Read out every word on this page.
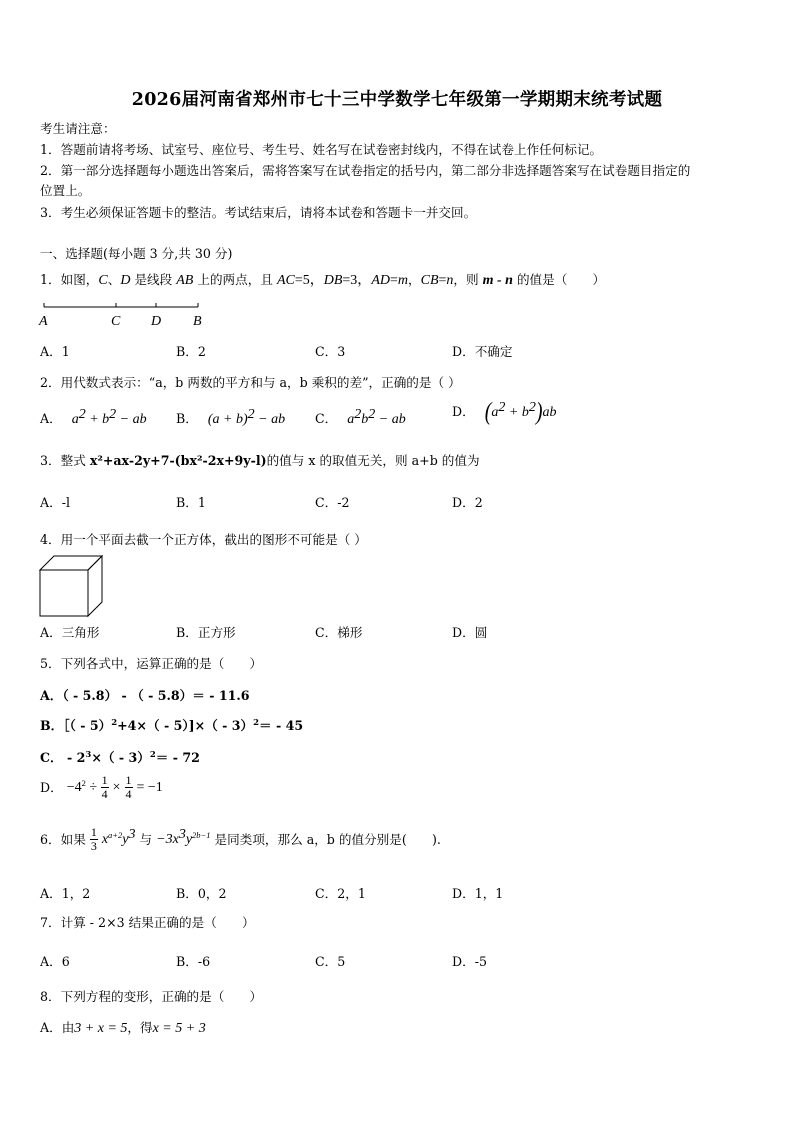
2026届河南省郑州市七十三中学数学七年级第一学期期末统考试题
考生请注意：
1．答题前请将考场、试室号、座位号、考生号、姓名写在试卷密封线内，不得在试卷上作任何标记。
2．第一部分选择题每小题选出答案后，需将答案写在试卷指定的括号内，第二部分非选择题答案写在试卷题目指定的
位置上。
3．考生必须保证答题卡的整洁。考试结束后，请将本试卷和答题卡一并交回。
一、选择题(每小题 3 分,共 30 分)
1．如图，C、D 是线段 AB 上的两点，且 AC=5，DB=3，AD=m，CB=n，则 m - n 的值是（　　）
A	C D B
A．1	B．2	C．3	D．不确定
2．用代数式表示：“a，b 两数的平方和与 a，b 乘积的差”，正确的是（ ）
A． $a^2 + b^2$ − ab B． $(a + b)^2$ − ab C． $a^2b^2$ − ab
D． $(a^2 + b^2)ab$
3．整式 x²+ax-2y+7-(bx²-2x+9y-l)的值与 x 的取值无关，则 a+b 的值为
A．-l	B．1	C．-2	D．2
4．用一个平面去截一个正方体，截出的图形不可能是（ ）
A．三角形	B．正方形	C．梯形	D．圆
5．下列各式中，运算正确的是（　　）
A．（ - 5.8） - （ - 5.8）＝ - 11.6
B．［（ - 5）$^2$+4×（ - 5）]×（ - 3）$^2$＝ - 45
C． - $2^3\times( - 3)^2= - 72$
D． $-4^2 \div \frac{1}{4} \times \frac{1}{4} = -1$
6．如果 $\frac{1}{3} x^{a+2}y^3$ 与 $-3x^3y^{2b-1}$ 是同类项，那么 a，b 的值分别是(　　).
A．1，2	B．0，2	C．2，1	D．1，1
7．计算 - 2×3 结果正确的是（　　）
A．6	B．-6	C．5	D．-5
8．下列方程的变形，正确的是（　　）
A．由3 + x = 5，得x = 5 + 3
